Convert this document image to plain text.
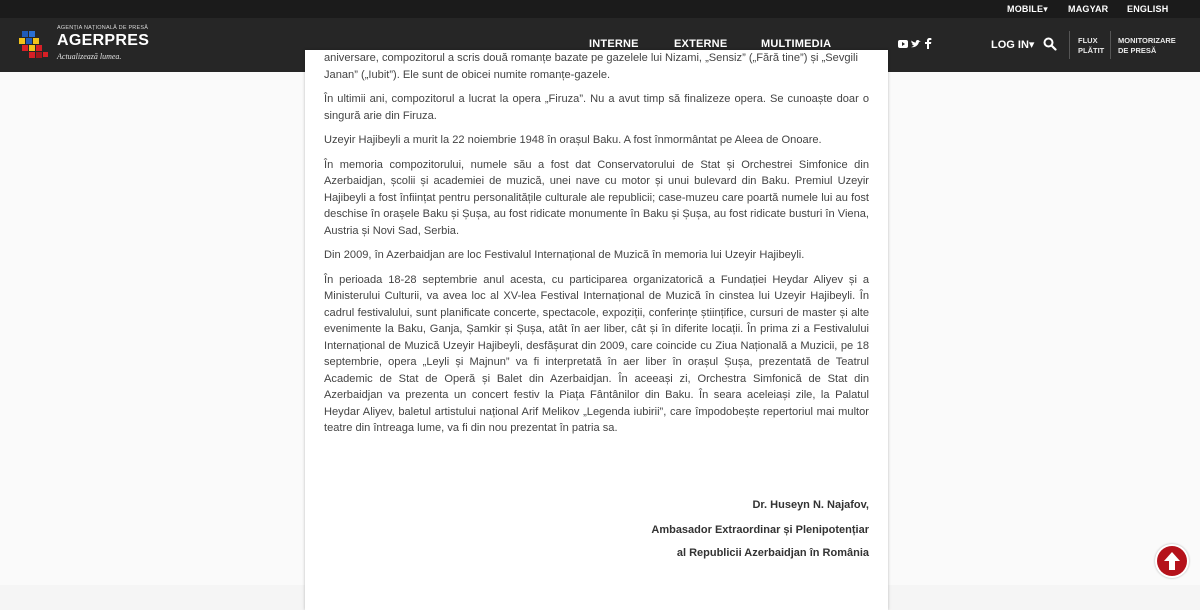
MOBILE▾ MAGYAR ENGLISH
AGENȚIA NAȚIONALĂ DE PRESĂ
AGERPRES
Actualizează lumea.
INTERNE	EXTERNE	MULTIMEDIA	LOG IN▾	FLUX
PLĂTIT
MONITORIZARE
DE PRESĂ

aniversare, compozitorul a scris două romanțe bazate pe gazelele lui Nizami, „Sensiz” („Fără tine”) și „Sevgili
Janan” („Iubit”). Ele sunt de obicei numite romanțe-gazele.

În ultimii ani, compozitorul a lucrat la opera „Firuza”. Nu a avut timp să finalizeze opera. Se cunoaște doar o singură arie din Firuza.

Uzeyir Hajibeyli a murit la 22 noiembrie 1948 în orașul Baku. A fost înmormântat pe Aleea de Onoare.

În memoria compozitorului, numele său a fost dat Conservatorului de Stat și Orchestrei Simfonice din Azerbaidjan, școlii și academiei de muzică, unei nave cu motor și unui bulevard din Baku. Premiul Uzeyir Hajibeyli a fost înființat pentru personalitățile culturale ale republicii; case-muzeu care poartă numele lui au fost deschise în orașele Baku și Șușa, au fost ridicate monumente în Baku și Șușa, au fost ridicate busturi în Viena, Austria și Novi Sad, Serbia.

Din 2009, în Azerbaidjan are loc Festivalul Internațional de Muzică în memoria lui Uzeyir Hajibeyli.

În perioada 18-28 septembrie anul acesta, cu participarea organizatorică a Fundației Heydar Aliyev și a Ministerului Culturii, va avea loc al XV-lea Festival Internațional de Muzică în cinstea lui Uzeyir Hajibeyli. În cadrul festivalului, sunt planificate concerte, spectacole, expoziții, conferințe științifice, cursuri de master și alte evenimente la Baku, Ganja, Șamkir și Șușa, atât în aer liber, cât și în diferite locații. În prima zi a Festivalului Internațional de Muzică Uzeyir Hajibeyli, desfășurat din 2009, care coincide cu Ziua Națională a Muzicii, pe 18 septembrie, opera „Leyli și Majnun” va fi interpretată în aer liber în orașul Șușa, prezentată de Teatrul Academic de Stat de Operă și Balet din Azerbaidjan. În aceeași zi, Orchestra Simfonică de Stat din Azerbaidjan va prezenta un concert festiv la Piața Fântânilor din Baku. În seara aceleiași zile, la Palatul Heydar Aliyev, baletul artistului național Arif Melikov „Legenda iubirii”, care împodobește repertoriul mai multor teatre din întreaga lume, va fi din nou prezentat în patria sa.

Dr. Huseyn N. Najafov,
Ambasador Extraordinar și Plenipotențiar
al Republicii Azerbaidjan în România
